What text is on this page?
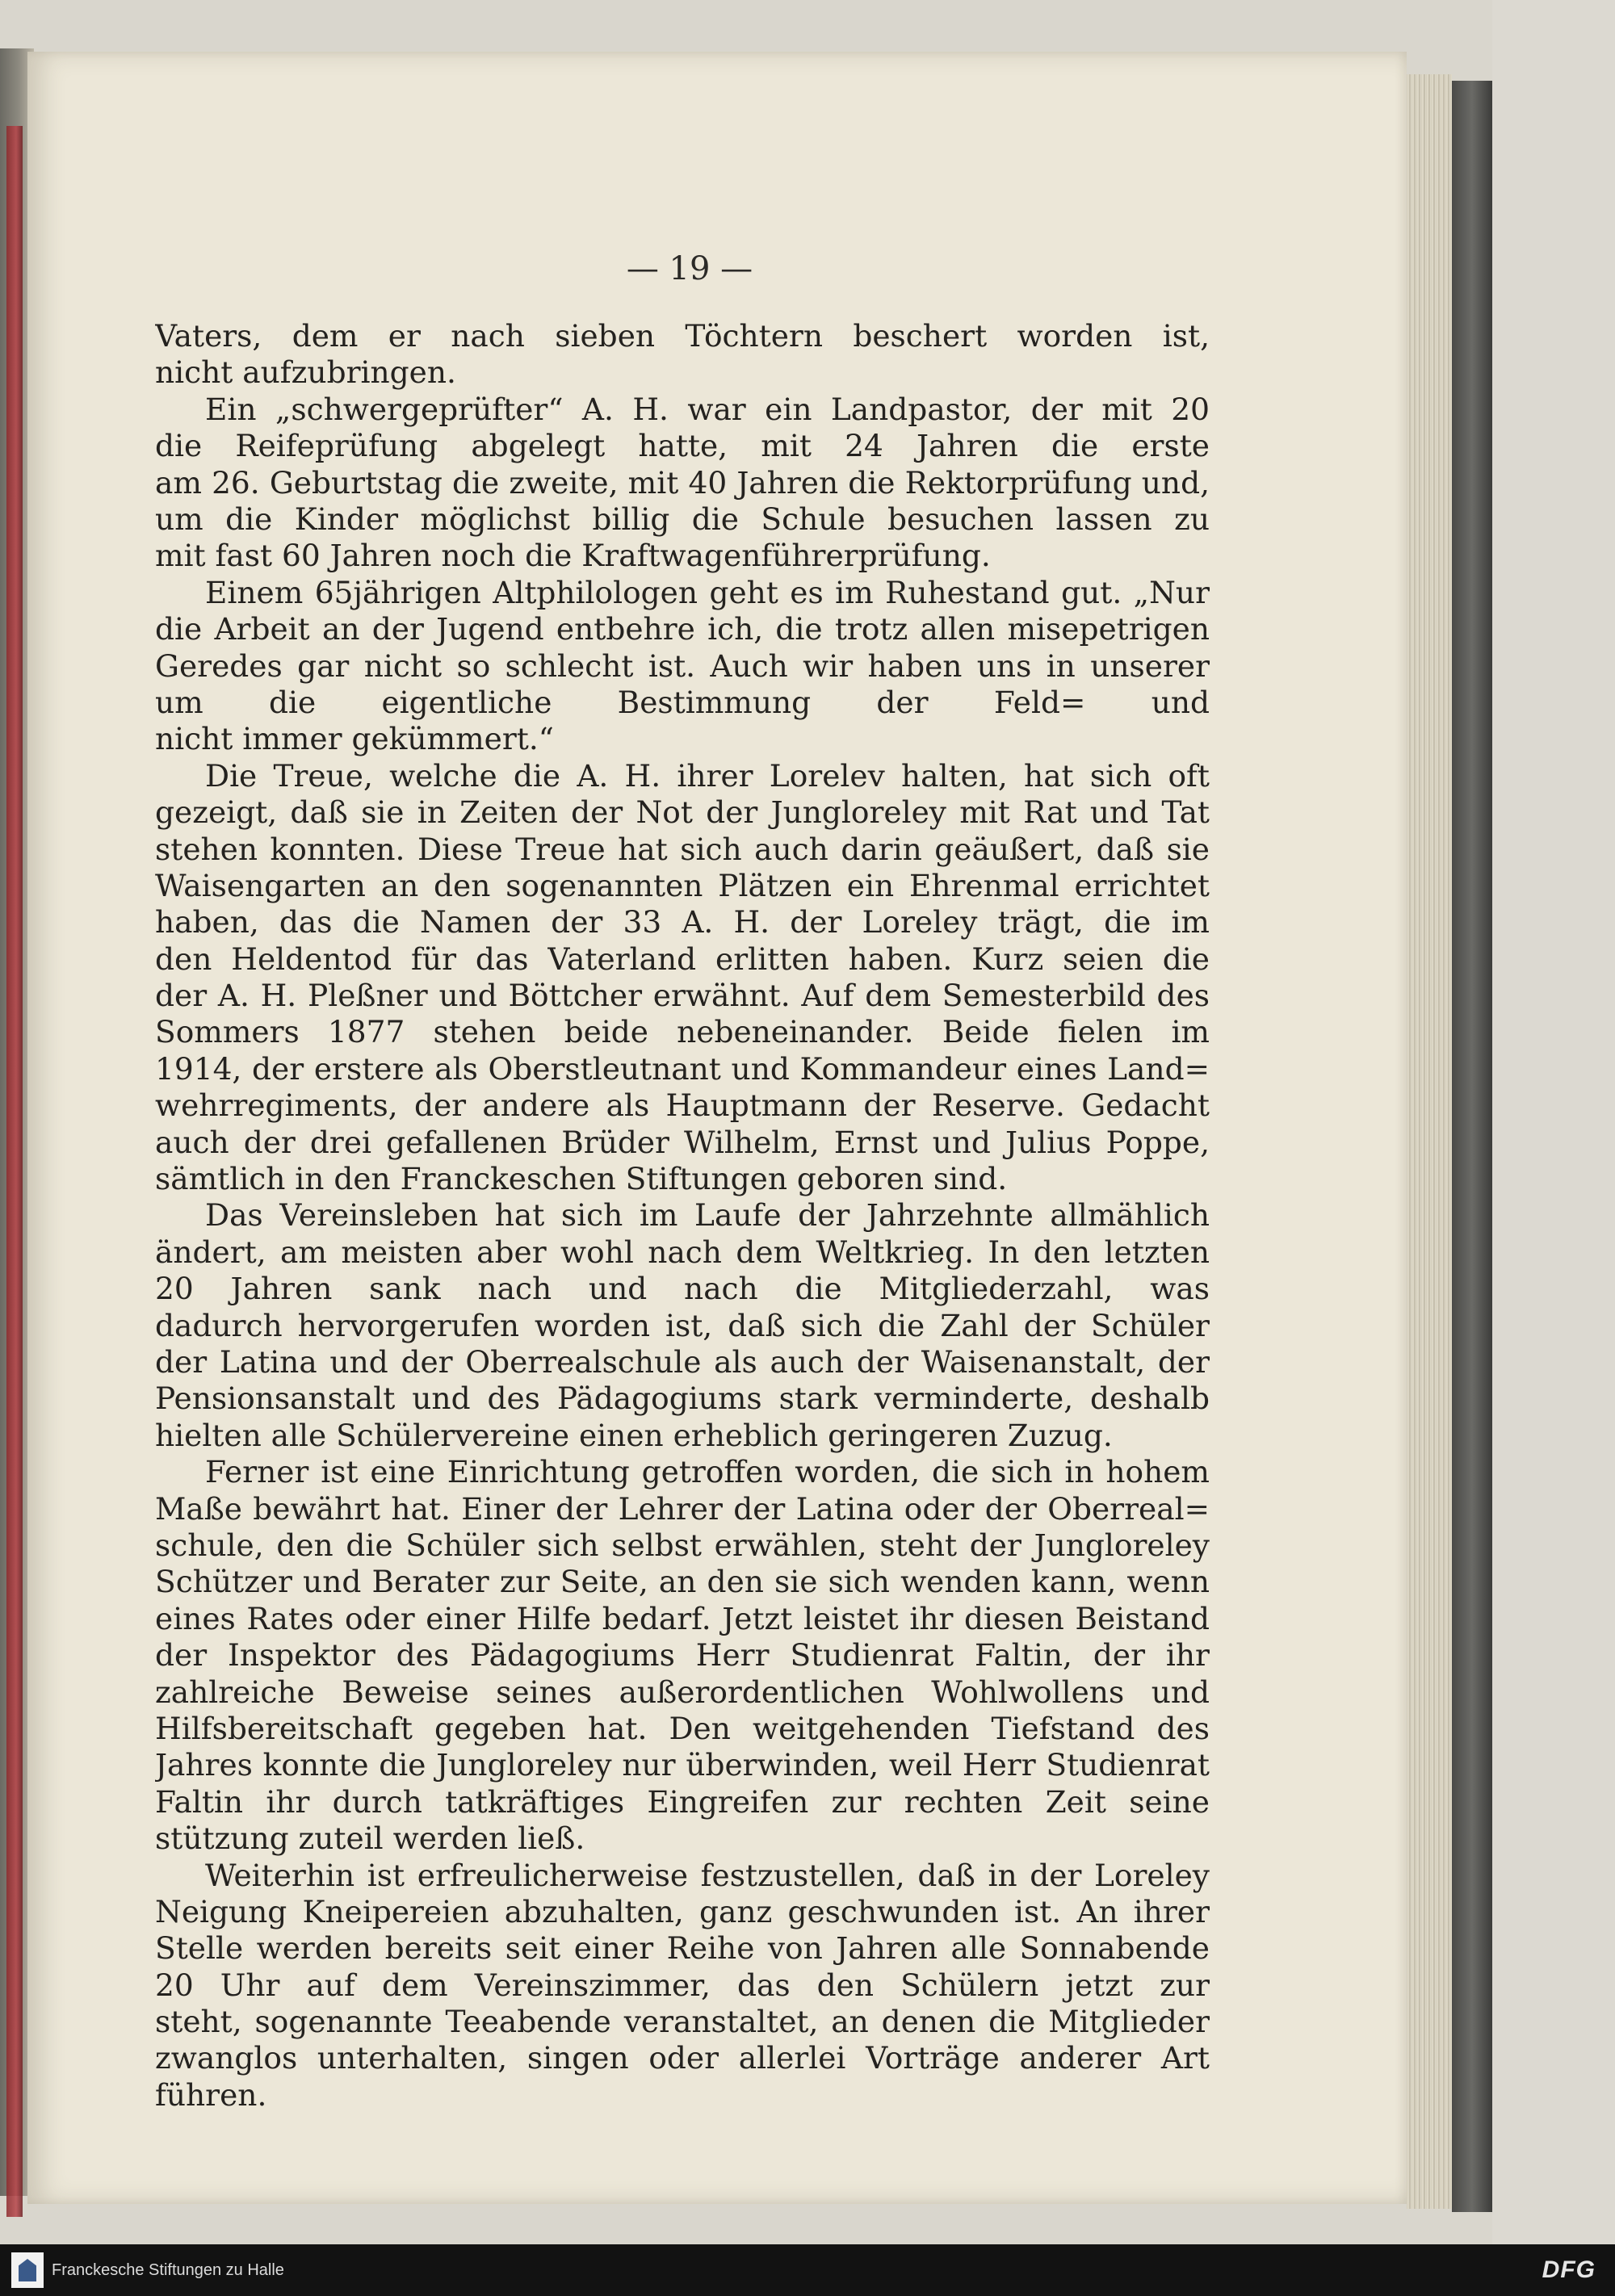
— 19 —
Vaters, dem er nach sieben Töchtern beschert worden ist,
nicht aufzubringen.
Ein „schwergeprüfter“ A. H. war ein Landpastor, der mit 20
die Reifeprüfung abgelegt hatte, mit 24 Jahren die erste
am 26. Geburtstag die zweite, mit 40 Jahren die Rektorprüfung und,
um die Kinder möglichst billig die Schule besuchen lassen zu
mit fast 60 Jahren noch die Kraftwagenführerprüfung.
Einem 65jährigen Altphilologen geht es im Ruhestand gut. „Nur
die Arbeit an der Jugend entbehre ich, die trotz allen misepetrigen
Geredes gar nicht so schlecht ist. Auch wir haben uns in unserer
um die eigentliche Bestimmung der Feld= und
nicht immer gekümmert.“
Die Treue, welche die A. H. ihrer Lorelev halten, hat sich oft
gezeigt, daß sie in Zeiten der Not der Jungloreley mit Rat und Tat
stehen konnten. Diese Treue hat sich auch darin geäußert, daß sie
Waisengarten an den sogenannten Plätzen ein Ehrenmal errichtet
haben, das die Namen der 33 A. H. der Loreley trägt, die im
den Heldentod für das Vaterland erlitten haben. Kurz seien die
der A. H. Pleßner und Böttcher erwähnt. Auf dem Semesterbild des
Sommers 1877 stehen beide nebeneinander. Beide fielen im
1914, der erstere als Oberstleutnant und Kommandeur eines Land=
wehrregiments, der andere als Hauptmann der Reserve. Gedacht
auch der drei gefallenen Brüder Wilhelm, Ernst und Julius Poppe,
sämtlich in den Franckeschen Stiftungen geboren sind.
Das Vereinsleben hat sich im Laufe der Jahrzehnte allmählich
ändert, am meisten aber wohl nach dem Weltkrieg. In den letzten
20 Jahren sank nach und nach die Mitgliederzahl, was
dadurch hervorgerufen worden ist, daß sich die Zahl der Schüler
der Latina und der Oberrealschule als auch der Waisenanstalt, der
Pensionsanstalt und des Pädagogiums stark verminderte, deshalb
hielten alle Schülervereine einen erheblich geringeren Zuzug.
Ferner ist eine Einrichtung getroffen worden, die sich in hohem
Maße bewährt hat. Einer der Lehrer der Latina oder der Oberreal=
schule, den die Schüler sich selbst erwählen, steht der Jungloreley
Schützer und Berater zur Seite, an den sie sich wenden kann, wenn
eines Rates oder einer Hilfe bedarf. Jetzt leistet ihr diesen Beistand
der Inspektor des Pädagogiums Herr Studienrat Faltin, der ihr
zahlreiche Beweise seines außerordentlichen Wohlwollens und
Hilfsbereitschaft gegeben hat. Den weitgehenden Tiefstand des
Jahres konnte die Jungloreley nur überwinden, weil Herr Studienrat
Faltin ihr durch tatkräftiges Eingreifen zur rechten Zeit seine
stützung zuteil werden ließ.
Weiterhin ist erfreulicherweise festzustellen, daß in der Loreley
Neigung Kneipereien abzuhalten, ganz geschwunden ist. An ihrer
Stelle werden bereits seit einer Reihe von Jahren alle Sonnabende
20 Uhr auf dem Vereinszimmer, das den Schülern jetzt zur
steht, sogenannte Teeabende veranstaltet, an denen die Mitglieder
zwanglos unterhalten, singen oder allerlei Vorträge anderer Art
führen.
Franckesche Stiftungen zu Halle	DFG
